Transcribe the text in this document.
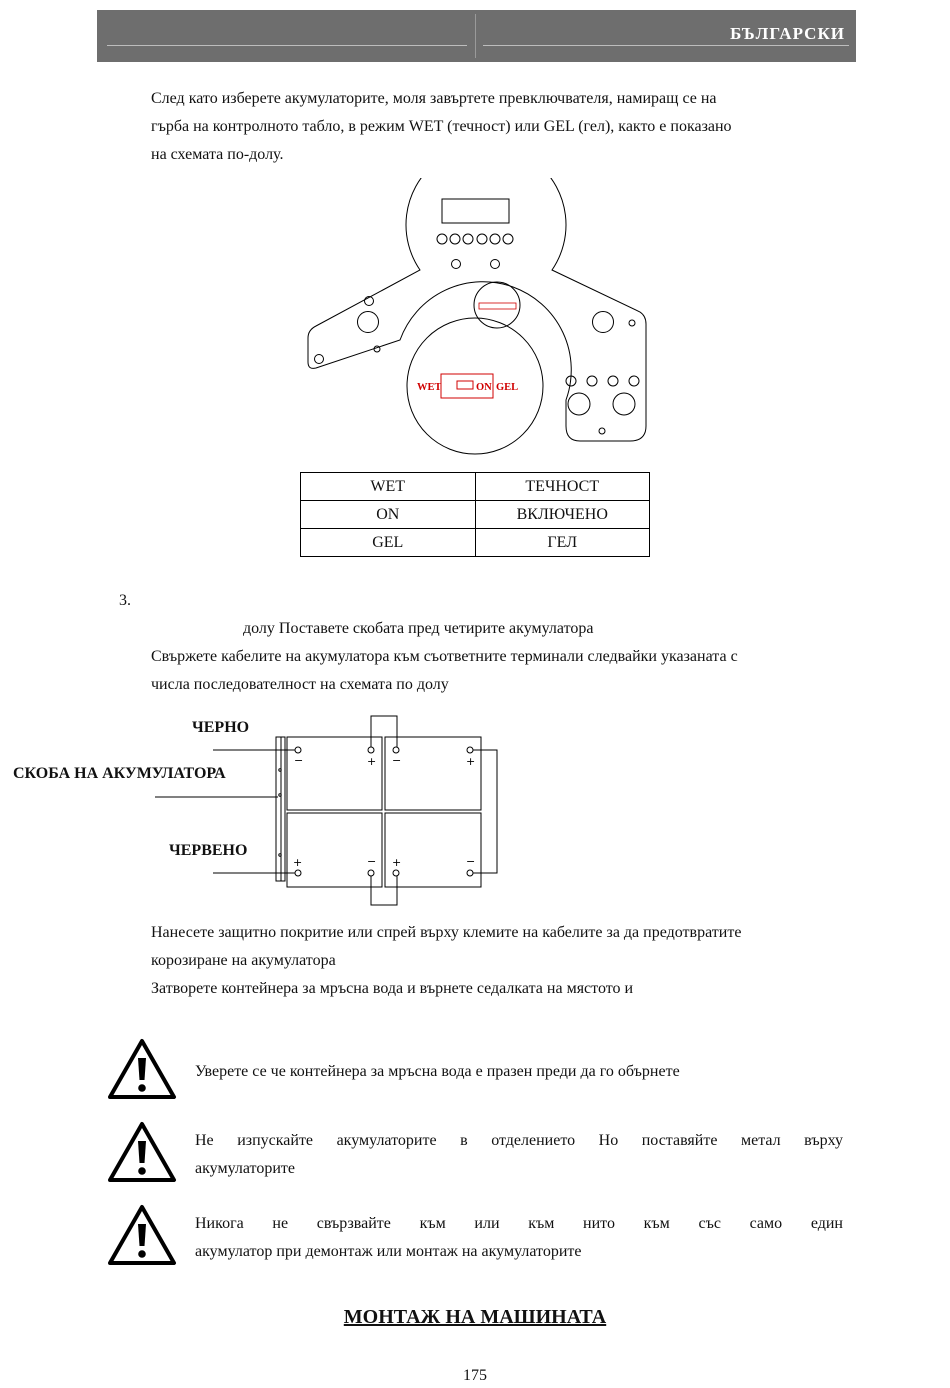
БЪЛГАРСКИ
След като изберете акумулаторите, моля завъртете превключвателя, намиращ се на
гърба на контролното табло, в режим WET (течност) или GEL (гел), както е показано
на схемата по-долу.
WET	ON GEL
WET	ТЕЧНОСТ
ON	ВКЛЮЧЕНО
GEL	ГЕЛ
3.
долу Поставете скобата пред четирите акумулатора
Свържете кабелите на акумулатора към съответните терминали следвайки указаната с
числа последователност на схемата по долу
ЧЕРНО
СКОБА НА АКУМУЛАТОРА
ЧЕРВЕНО
−	+ −	+
+	− +	−
Нанесете защитно покритие или спрей върху клемите на кабелите за да предотвратите
корозиране на акумулатора
Затворете контейнера за мръсна вода и върнете седалката на мястото и
Уверете се че контейнера за мръсна вода е празен преди да го обърнете
Не изпускайте акумулаторите в отделението Но поставяйте метал върху
акумулаторите
Никога не свързвайте към или към нито към със само един
акумулатор при демонтаж или монтаж на акумулаторите
МОНТАЖ НА МАШИНАТА
175
